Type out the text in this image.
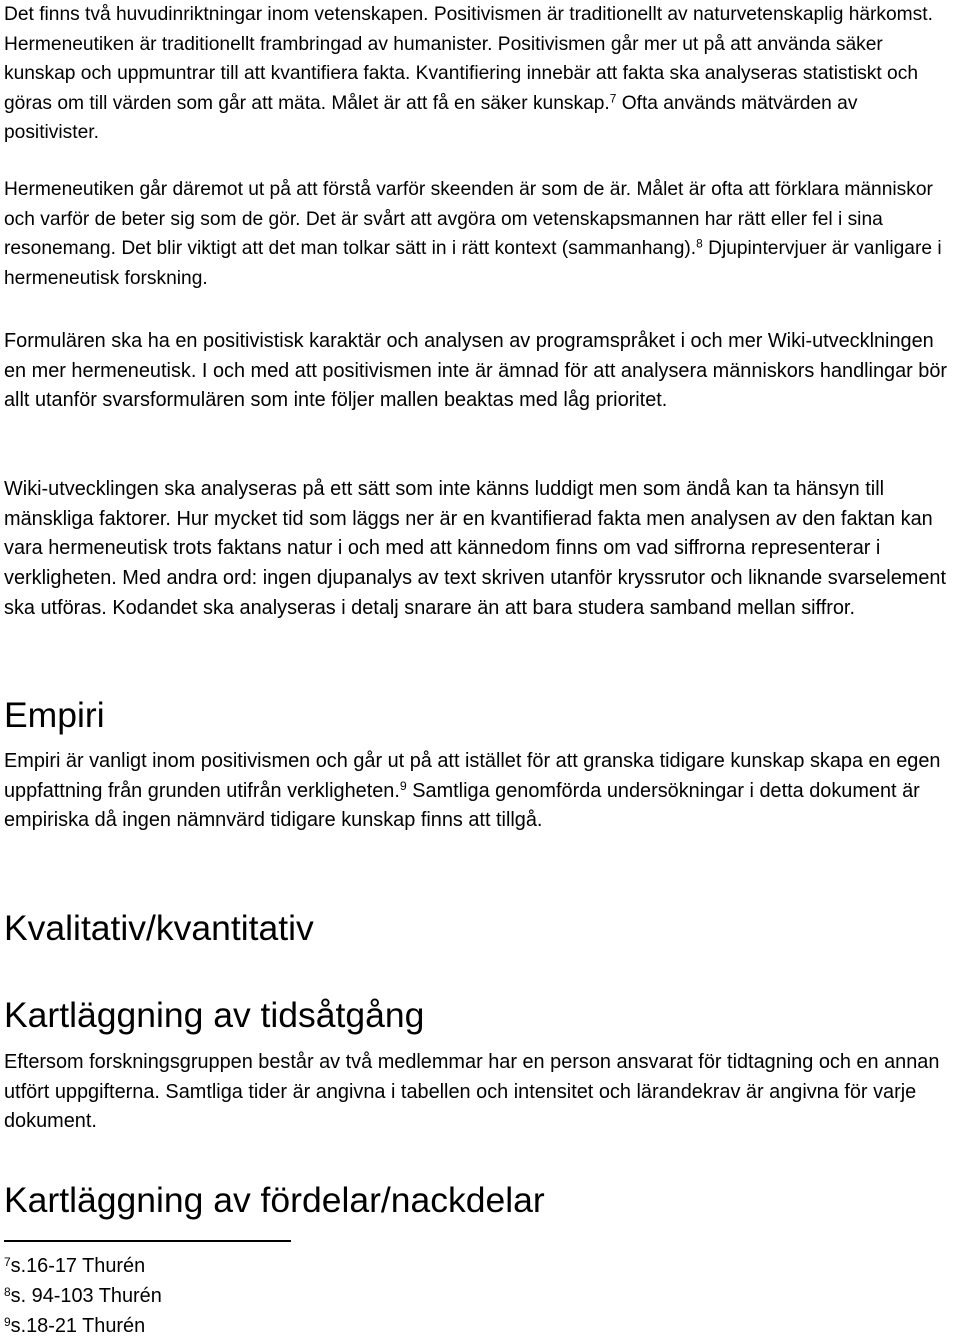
Det finns två huvudinriktningar inom vetenskapen. Positivismen är traditionellt av naturvetenskaplig härkomst. Hermeneutiken är traditionellt frambringad av humanister. Positivismen går mer ut på att använda säker kunskap och uppmuntrar till att kvantifiera fakta. Kvantifiering innebär att fakta ska analyseras statistiskt och göras om till värden som går att mäta. Målet är att få en säker kunskap.$^7$ Ofta används mätvärden av positivister.

Hermeneutiken går däremot ut på att förstå varför skeenden är som de är. Målet är ofta att förklara människor och varför de beter sig som de gör. Det är svårt att avgöra om vetenskapsmannen har rätt eller fel i sina resonemang. Det blir viktigt att det man tolkar sätt in i rätt kontext (sammanhang).$^8$ Djupintervjuer är vanligare i hermeneutisk forskning.

Formulären ska ha en positivistisk karaktär och analysen av programspråket i och mer Wiki-utvecklningen en mer hermeneutisk. I och med att positivismen inte är ämnad för att analysera människors handlingar bör allt utanför svarsformulären som inte följer mallen beaktas med låg prioritet.

Wiki-utvecklingen ska analyseras på ett sätt som inte känns luddigt men som ändå kan ta hänsyn till mänskliga faktorer. Hur mycket tid som läggs ner är en kvantifierad fakta men analysen av den faktan kan vara hermeneutisk trots faktans natur i och med att kännedom finns om vad siffrorna representerar i verkligheten. Med andra ord: ingen djupanalys av text skriven utanför kryssrutor och liknande svarselement ska utföras. Kodandet ska analyseras i detalj snarare än att bara studera samband mellan siffror.

Empiri

Empiri är vanligt inom positivismen och går ut på att istället för att granska tidigare kunskap skapa en egen uppfattning från grunden utifrån verkligheten.$^9$ Samtliga genomförda undersökningar i detta dokument är empiriska då ingen nämnvärd tidigare kunskap finns att tillgå.

Kvalitativ/kvantitativ
Kartläggning av tidsåtgång

Eftersom forskningsgruppen består av två medlemmar har en person ansvarat för tidtagning och en annan utfört uppgifterna. Samtliga tider är angivna i tabellen och intensitet och lärandekrav är angivna för varje dokument.

Kartläggning av fördelar/nackdelar
$^7$s.16-17 Thurén
$^8$s. 94-103 Thurén
$^9$s.18-21 Thurén
